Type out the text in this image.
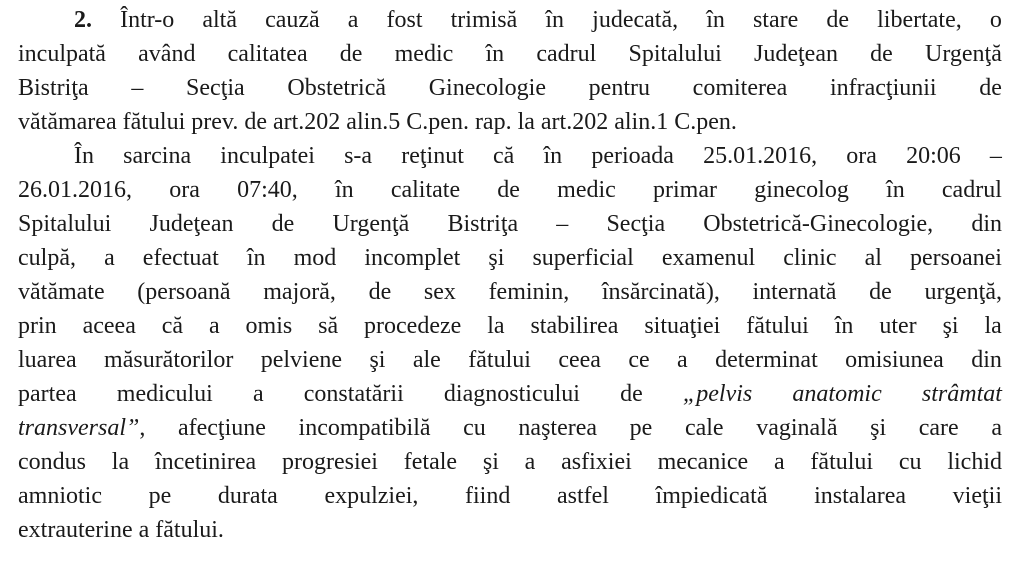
2. Într-o altă cauză a fost trimisă în judecată, în stare de libertate, o
inculpată având calitatea de medic în cadrul Spitalului Judeţean de Urgenţă
Bistriţa – Secţia Obstetrică Ginecologie pentru comiterea infracţiunii de
vătămarea fătului prev. de art.202 alin.5 C.pen. rap. la art.202 alin.1 C.pen.
În sarcina inculpatei s-a reţinut că în perioada 25.01.2016, ora 20:06 –
26.01.2016, ora 07:40, în calitate de medic primar ginecolog în cadrul
Spitalului Judeţean de Urgenţă Bistriţa – Secţia Obstetrică-Ginecologie, din
culpă, a efectuat în mod incomplet şi superficial examenul clinic al persoanei
vătămate (persoană majoră, de sex feminin, însărcinată), internată de urgenţă,
prin aceea că a omis să procedeze la stabilirea situaţiei fătului în uter şi la
luarea măsurătorilor pelviene şi ale fătului ceea ce a determinat omisiunea din
partea medicului a constatării diagnosticului de „pelvis anatomic strâmtat
transversal”, afecţiune incompatibilă cu naşterea pe cale vaginală şi care a
condus la încetinirea progresiei fetale şi a asfixiei mecanice a fătului cu lichid
amniotic pe durata expulziei, fiind astfel împiedicată instalarea vieţii
extrauterine a fătului.
